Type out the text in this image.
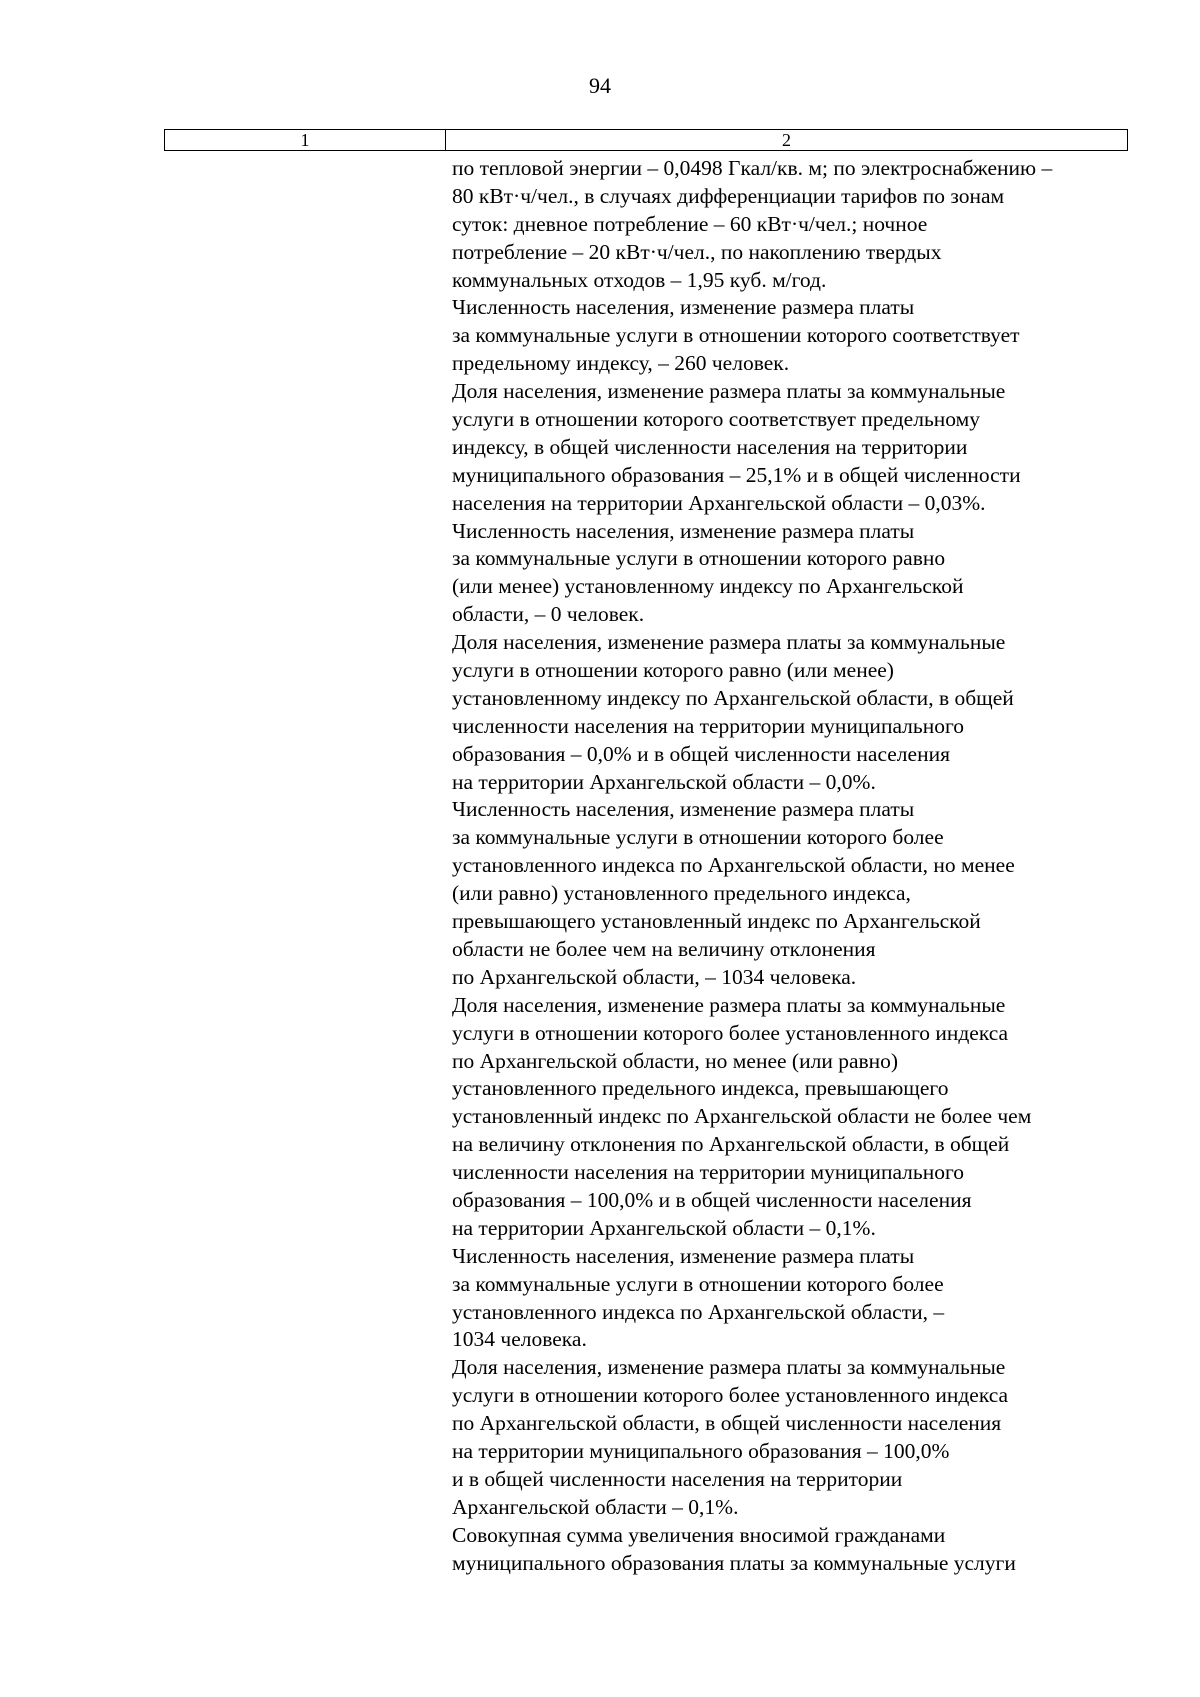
94
1	2
по тепловой энергии – 0,0498 Гкал/кв. м; по электроснабжению –
80 кВт·ч/чел., в случаях дифференциации тарифов по зонам
суток: дневное потребление – 60 кВт·ч/чел.; ночное
потребление – 20 кВт·ч/чел., по накоплению твердых
коммунальных отходов – 1,95 куб. м/год.
Численность населения, изменение размера платы
за коммунальные услуги в отношении которого соответствует
предельному индексу, – 260 человек.
Доля населения, изменение размера платы за коммунальные
услуги в отношении которого соответствует предельному
индексу, в общей численности населения на территории
муниципального образования – 25,1% и в общей численности
населения на территории Архангельской области – 0,03%.
Численность населения, изменение размера платы
за коммунальные услуги в отношении которого равно
(или менее) установленному индексу по Архангельской
области, – 0 человек.
Доля населения, изменение размера платы за коммунальные
услуги в отношении которого равно (или менее)
установленному индексу по Архангельской области, в общей
численности населения на территории муниципального
образования – 0,0% и в общей численности населения
на территории Архангельской области – 0,0%.
Численность населения, изменение размера платы
за коммунальные услуги в отношении которого более
установленного индекса по Архангельской области, но менее
(или равно) установленного предельного индекса,
превышающего установленный индекс по Архангельской
области не более чем на величину отклонения
по Архангельской области, – 1034 человека.
Доля населения, изменение размера платы за коммунальные
услуги в отношении которого более установленного индекса
по Архангельской области, но менее (или равно)
установленного предельного индекса, превышающего
установленный индекс по Архангельской области не более чем
на величину отклонения по Архангельской области, в общей
численности населения на территории муниципального
образования – 100,0% и в общей численности населения
на территории Архангельской области – 0,1%.
Численность населения, изменение размера платы
за коммунальные услуги в отношении которого более
установленного индекса по Архангельской области, –
1034 человека.
Доля населения, изменение размера платы за коммунальные
услуги в отношении которого более установленного индекса
по Архангельской области, в общей численности населения
на территории муниципального образования – 100,0%
и в общей численности населения на территории
Архангельской области – 0,1%.
Совокупная сумма увеличения вносимой гражданами
муниципального образования платы за коммунальные услуги
